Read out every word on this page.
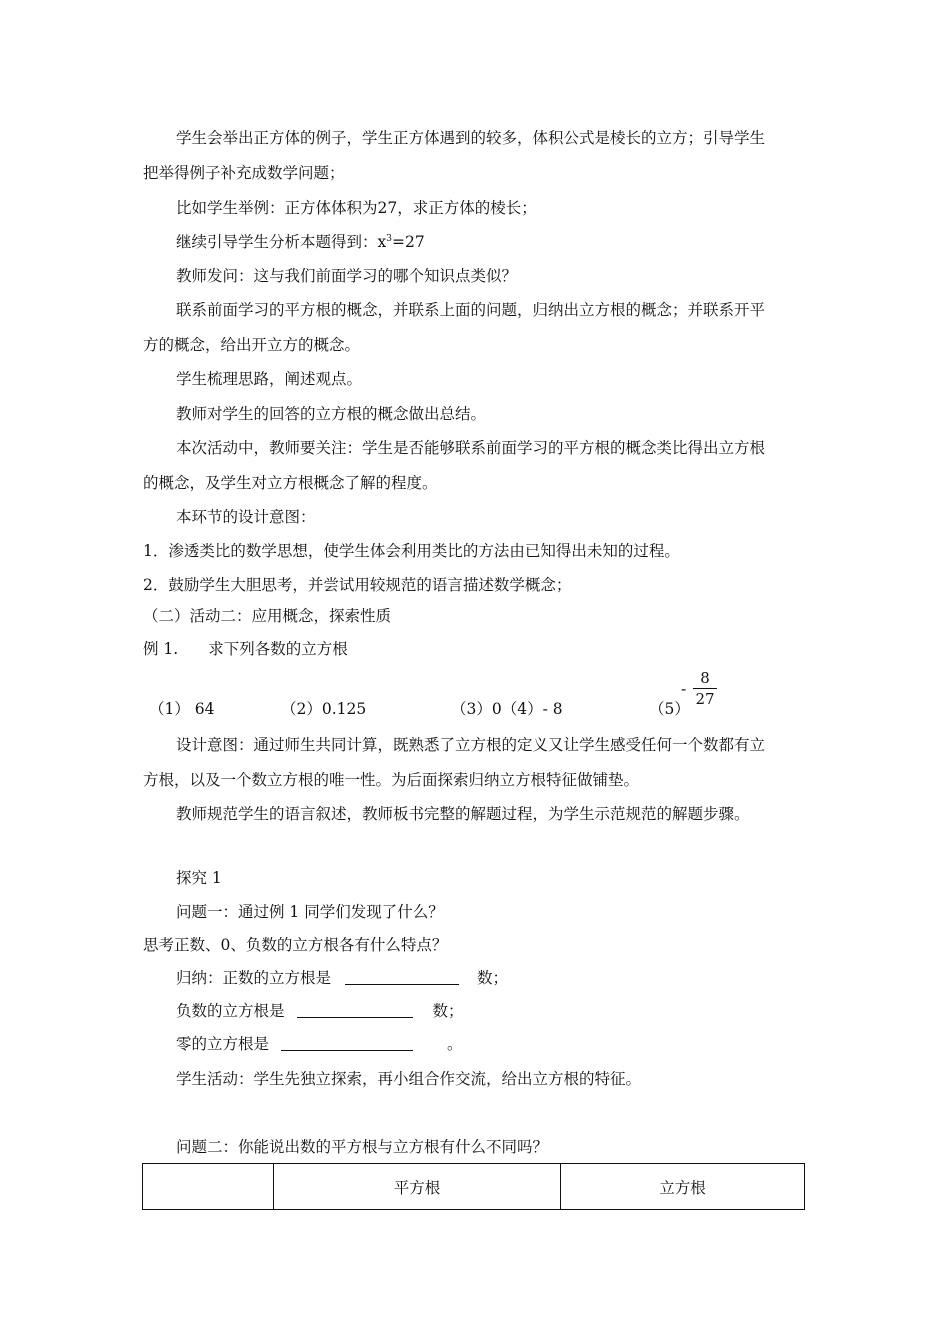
学生会举出正方体的例子，学生正方体遇到的较多，体积公式是棱长的立方；引导学生
把举得例子补充成数学问题；
比如学生举例：正方体体积为27，求正方体的棱长；
继续引导学生分析本题得到：$x^3=27$
教师发问：这与我们前面学习的哪个知识点类似？
联系前面学习的平方根的概念，并联系上面的问题，归纳出立方根的概念；并联系开平
方的概念，给出开立方的概念。
学生梳理思路，阐述观点。
教师对学生的回答的立方根的概念做出总结。
本次活动中，教师要关注：学生是否能够联系前面学习的平方根的概念类比得出立方根
的概念，及学生对立方根概念了解的程度。
本环节的设计意图：
1．渗透类比的数学思想，使学生体会利用类比的方法由已知得出未知的过程。
2．鼓励学生大胆思考，并尝试用较规范的语言描述数学概念；
（二）活动二：应用概念，探索性质
例 1. 求下列各数的立方根
（1） 64	（2）0.125	（3）0（4）- 8	（5）
-
8
27
设计意图：通过师生共同计算，既熟悉了立方根的定义又让学生感受任何一个数都有立
方根，以及一个数立方根的唯一性。为后面探索归纳立方根特征做铺垫。
教师规范学生的语言叙述，教师板书完整的解题过程，为学生示范规范的解题步骤。
探究 1
问题一：通过例 1 同学们发现了什么？
思考正数、0、负数的立方根各有什么特点？
归纳：正数的立方根是	数；
负数的立方根是	数；
零的立方根是	。
学生活动：学生先独立探索，再小组合作交流，给出立方根的特征。
问题二：你能说出数的平方根与立方根有什么不同吗？
	平方根	立方根
